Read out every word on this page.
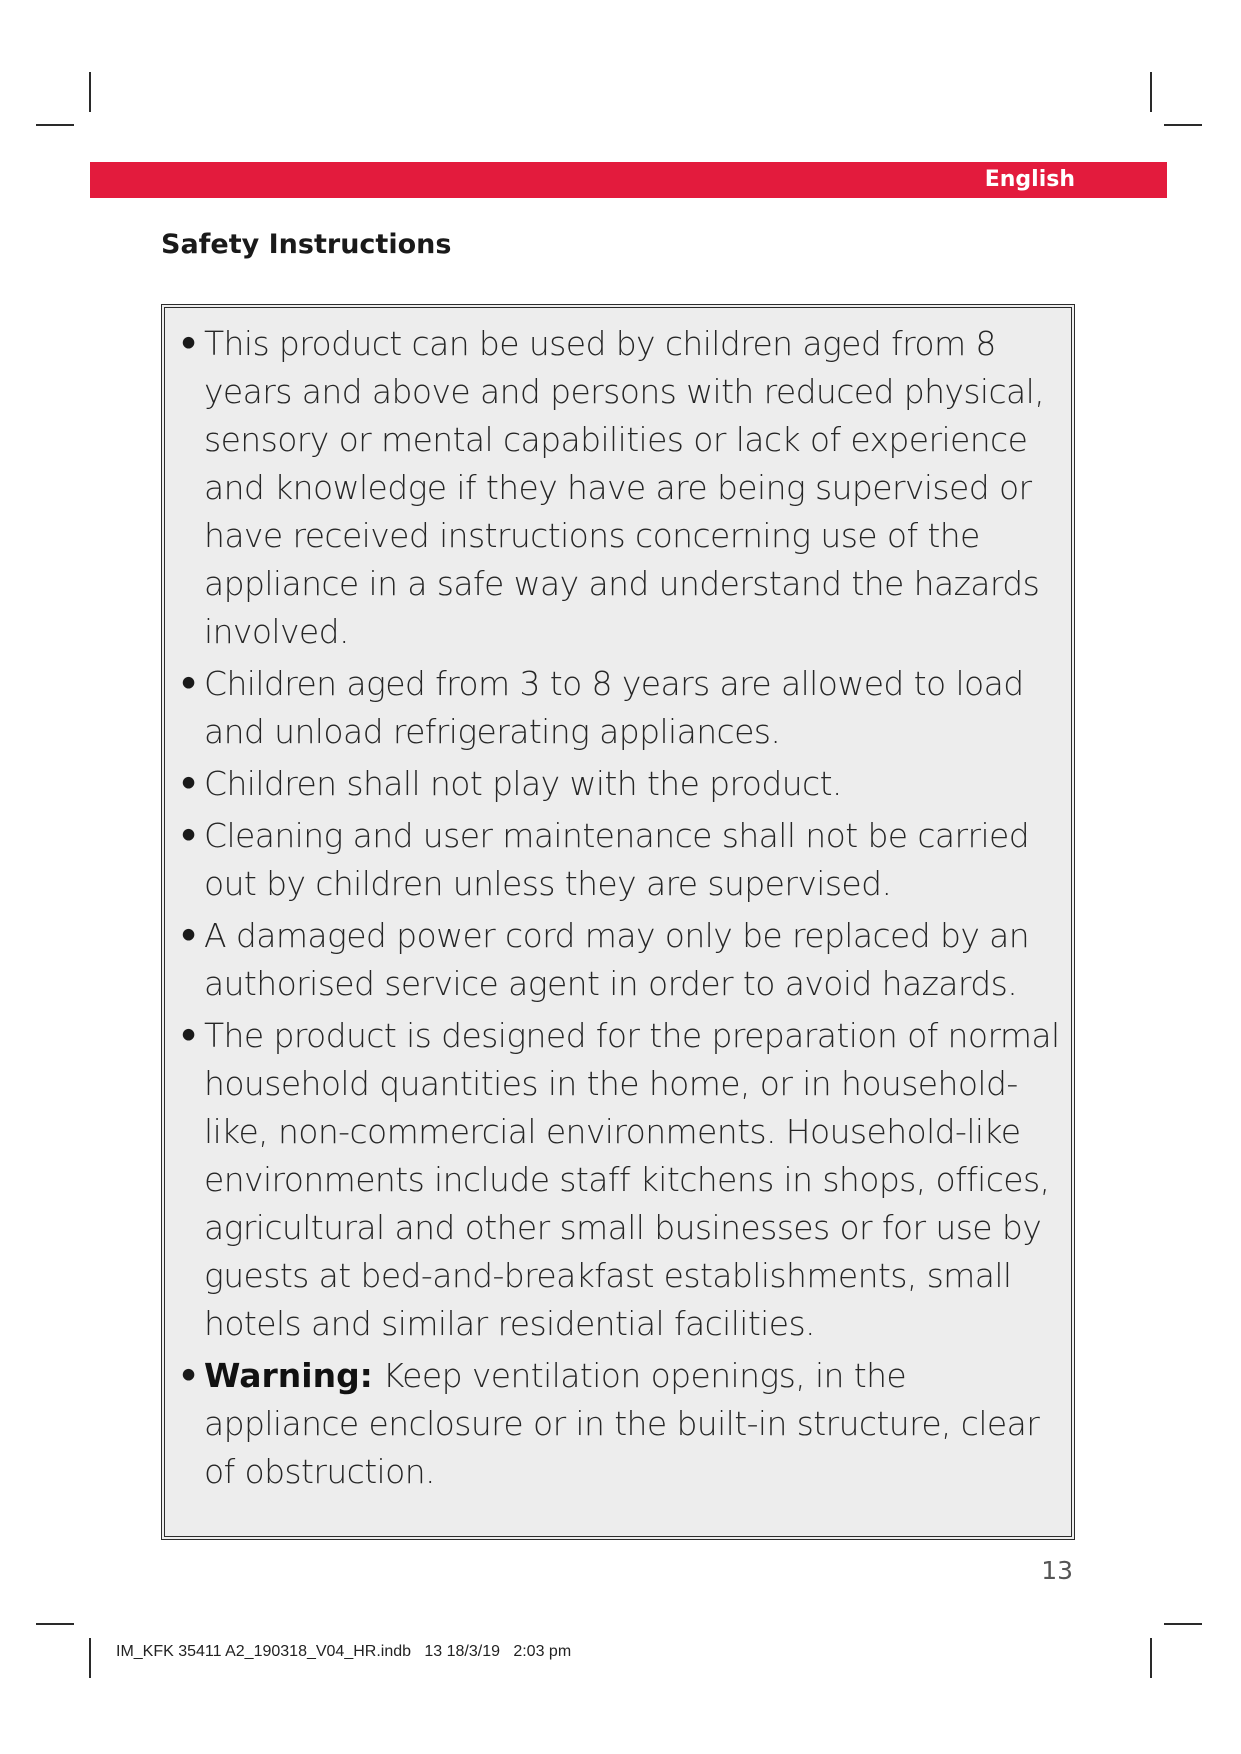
English
Safety Instructions
• This product can be used by children aged from 8 years and above and persons with reduced physical, sensory or mental capabilities or lack of experience and knowledge if they have are being supervised or have received instructions concerning use of the appliance in a safe way and understand the hazards involved.
• Children aged from 3 to 8 years are allowed to load and unload refrigerating appliances.
• Children shall not play with the product.
• Cleaning and user maintenance shall not be carried out by children unless they are supervised.
• A damaged power cord may only be replaced by an authorised service agent in order to avoid hazards.
• The product is designed for the preparation of normal household quantities in the home, or in household-like, non-commercial environments. Household-like environments include staff kitchens in shops, offices, agricultural and other small businesses or for use by guests at bed-and-breakfast establishments, small hotels and similar residential facilities.
• Warning: Keep ventilation openings, in the appliance enclosure or in the built-in structure, clear of obstruction.
13
IM_KFK 35411 A2_190318_V04_HR.indb   13 18/3/19   2:03 pm
